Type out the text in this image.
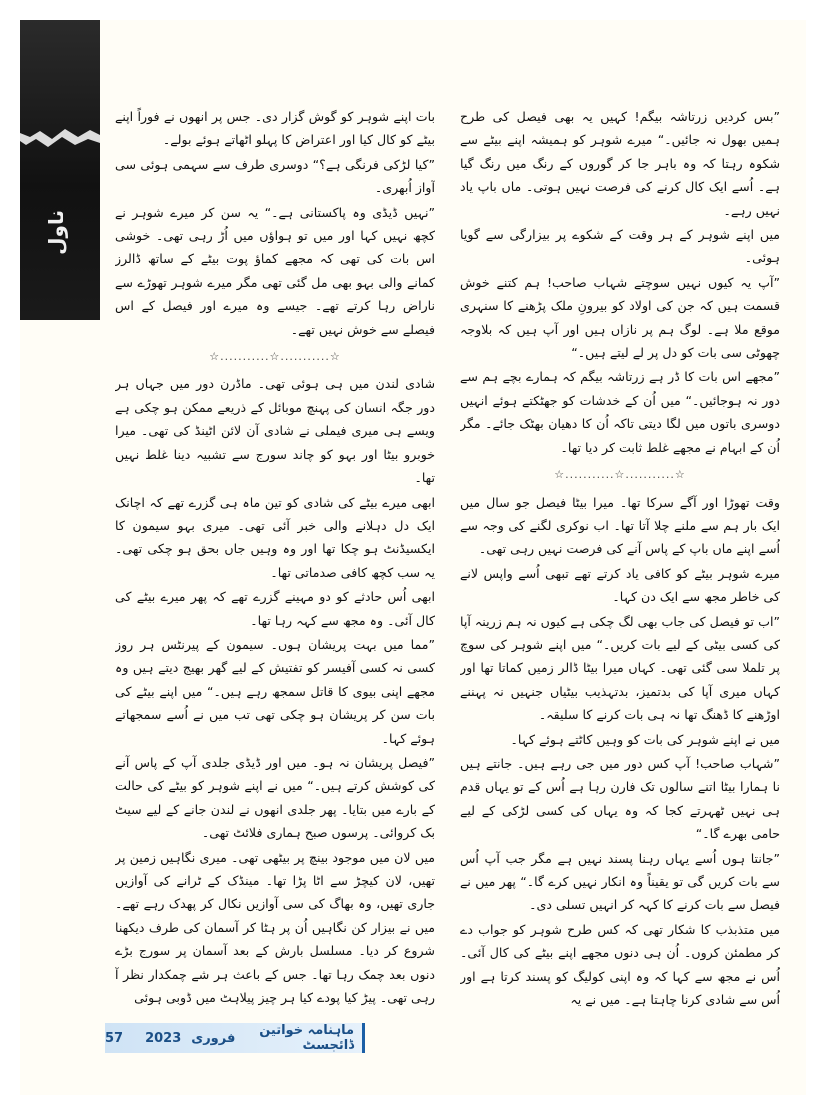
ناول

”بس کردیں زرتاشہ بیگم! کہیں یہ بھی فیصل کی طرح ہمیں بھول نہ جائیں۔“ میرے شوہر کو ہمیشہ اپنے بیٹے سے شکوہ رہتا کہ وہ باہر جا کر گوروں کے رنگ میں رنگ گیا ہے۔ اُسے ایک کال کرنے کی فرصت نہیں ہوتی۔ ماں باپ یاد نہیں رہے۔

میں اپنے شوہر کے ہر وقت کے شکوے پر بیزارگی سے گویا ہوئی۔

”آپ یہ کیوں نہیں سوچتے شہاب صاحب! ہم کتنے خوش قسمت ہیں کہ جن کی اولاد کو بیرونِ ملک پڑھنے کا سنہری موقع ملا ہے۔ لوگ ہم پر نازاں ہیں اور آپ ہیں کہ بلاوجہ چھوٹی سی بات کو دل پر لے لیتے ہیں۔“

”مجھے اس بات کا ڈر ہے زرتاشہ بیگم کہ ہمارے بچے ہم سے دور نہ ہوجائیں۔“ میں اُن کے خدشات کو جھٹکتے ہوئے انہیں دوسری باتوں میں لگا دیتی تاکہ اُن کا دھیان بھٹک جائے۔ مگر اُن کے ابہام نے مجھے غلط ثابت کر دیا تھا۔

☆...........☆...........☆

وقت تھوڑا اور آگے سرکا تھا۔ میرا بیٹا فیصل جو سال میں ایک بار ہم سے ملنے چلا آتا تھا۔ اب نوکری لگنے کی وجہ سے اُسے اپنے ماں باپ کے پاس آنے کی فرصت نہیں رہی تھی۔

میرے شوہر بیٹے کو کافی یاد کرتے تھے تبھی اُسے واپس لانے کی خاطر مجھ سے ایک دن کہا۔

”اب تو فیصل کی جاب بھی لگ چکی ہے کیوں نہ ہم زرینہ آپا کی کسی بیٹی کے لیے بات کریں۔“ میں اپنے شوہر کی سوچ پر تلملا سی گئی تھی۔ کہاں میرا بیٹا ڈالر زمیں کماتا تھا اور کہاں میری آپا کی بدتمیز، بدتہذیب بیٹیاں جنہیں نہ پہننے اوڑھنے کا ڈھنگ تھا نہ ہی بات کرنے کا سلیقہ۔

میں نے اپنے شوہر کی بات کو وہیں کاٹتے ہوئے کہا۔

”شہاب صاحب! آپ کس دور میں جی رہے ہیں۔ جانتے ہیں نا ہمارا بیٹا اتنے سالوں تک فارن رہا ہے اُس کے تو یہاں قدم ہی نہیں ٹھہرتے کجا کہ وہ یہاں کی کسی لڑکی کے لیے حامی بھرے گا۔“

”جانتا ہوں اُسے یہاں رہنا پسند نہیں ہے مگر جب آپ اُس سے بات کریں گی تو یقیناً وہ انکار نہیں کرے گا۔“ پھر میں نے فیصل سے بات کرنے کا کہہ کر انہیں تسلی دی۔

میں متذبذب کا شکار تھی کہ کس طرح شوہر کو جواب دے کر مطمئن کروں۔ اُن ہی دنوں مجھے اپنے بیٹے کی کال آئی۔ اُس نے مجھ سے کہا کہ وہ اپنی کولیگ کو پسند کرتا ہے اور اُس سے شادی کرنا چاہتا ہے۔ میں نے یہ

بات اپنے شوہر کو گوش گزار دی۔ جس پر انھوں نے فوراً اپنے بیٹے کو کال کیا اور اعتراض کا پہلو اٹھاتے ہوئے بولے۔

”کیا لڑکی فرنگی ہے؟“ دوسری طرف سے سہمی ہوئی سی آواز اُبھری۔

”نہیں ڈیڈی وہ پاکستانی ہے۔“ یہ سن کر میرے شوہر نے کچھ نہیں کہا اور میں تو ہواؤں میں اُڑ رہی تھی۔ خوشی اس بات کی تھی کہ مجھے کماؤ پوت بیٹے کے ساتھ ڈالرز کمانے والی بہو بھی مل گئی تھی مگر میرے شوہر تھوڑے سے ناراض رہا کرتے تھے۔ جیسے وہ میرے اور فیصل کے اس فیصلے سے خوش نہیں تھے۔

☆...........☆...........☆

شادی لندن میں ہی ہوئی تھی۔ ماڈرن دور میں جہاں ہر دور جگہ انسان کی پہنچ موبائل کے ذریعے ممکن ہو چکی ہے ویسے ہی میری فیملی نے شادی آن لائن اٹینڈ کی تھی۔ میرا خوبرو بیٹا اور بہو کو چاند سورج سے تشبیہ دینا غلط نہیں تھا۔

ابھی میرے بیٹے کی شادی کو تین ماہ ہی گزرے تھے کہ اچانک ایک دل دہلانے والی خبر آئی تھی۔ میری بہو سیمون کا ایکسیڈنٹ ہو چکا تھا اور وہ وہیں جاں بحق ہو چکی تھی۔ یہ سب کچھ کافی صدماتی تھا۔

ابھی اُس حادثے کو دو مہینے گزرے تھے کہ پھر میرے بیٹے کی کال آئی۔ وہ مجھ سے کہہ رہا تھا۔

”مما میں بہت پریشان ہوں۔ سیمون کے پیرنٹس ہر روز کسی نہ کسی آفیسر کو تفتیش کے لیے گھر بھیج دیتے ہیں وہ مجھے اپنی بیوی کا قاتل سمجھ رہے ہیں۔“ میں اپنے بیٹے کی بات سن کر پریشان ہو چکی تھی تب میں نے اُسے سمجھاتے ہوئے کہا۔

”فیصل پریشان نہ ہو۔ میں اور ڈیڈی جلدی آپ کے پاس آنے کی کوشش کرتے ہیں۔“ میں نے اپنے شوہر کو بیٹے کی حالت کے بارے میں بتایا۔ پھر جلدی انھوں نے لندن جانے کے لیے سیٹ بک کروائی۔ پرسوں صبح ہماری فلائٹ تھی۔

میں لان میں موجود بینچ پر بیٹھی تھی۔ میری نگاہیں زمین پر تھیں، لان کیچڑ سے اٹا پڑا تھا۔ مینڈک کے ٹرانے کی آوازیں جاری تھیں، وہ بھاگ کی سی آوازیں نکال کر پھدک رہے تھے۔ میں نے بیزار کن نگاہیں اُن پر ہٹا کر آسمان کی طرف دیکھنا شروع کر دیا۔ مسلسل بارش کے بعد آسمان پر سورج بڑے دنوں بعد چمک رہا تھا۔ جس کے باعث ہر شے چمکدار نظر آ رہی تھی۔ پیڑ کیا پودے کیا ہر چیز پیلاہٹ میں ڈوبی ہوئی

ماہنامہ خواتین ڈائجسٹ
فروری
2023
57
